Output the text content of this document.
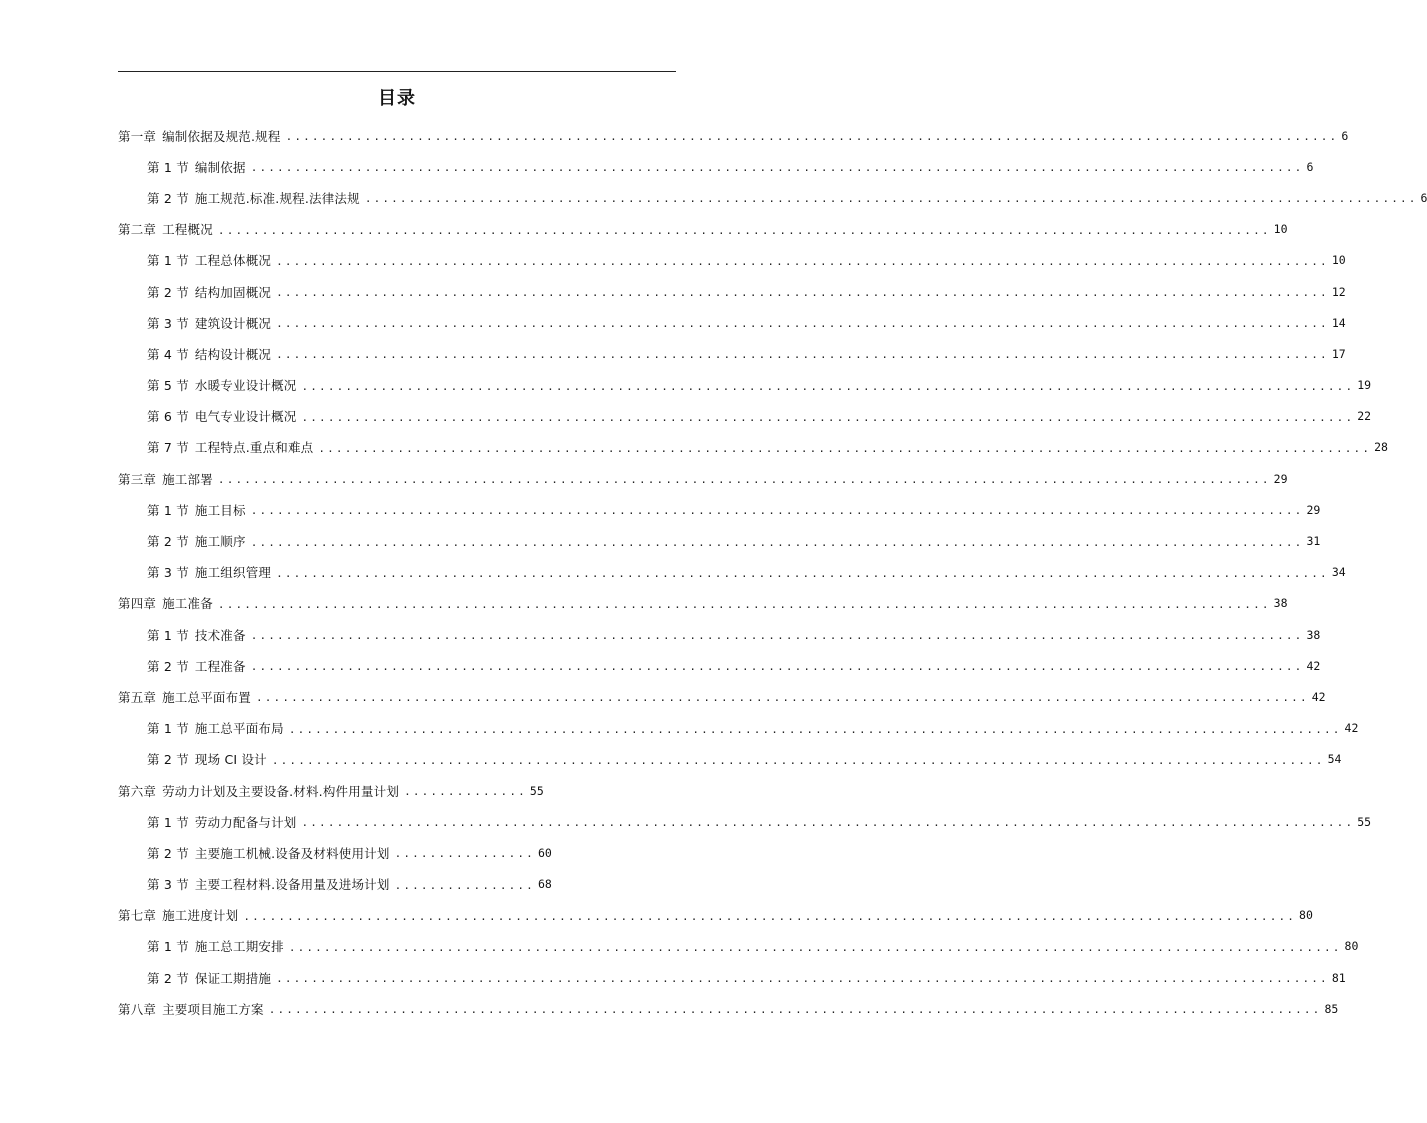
目录
第一章 编制依据及规范.规程 ........................................................................................................................ 6
第 1 节 编制依据 ........................................................................................................................ 6
第 2 节 施工规范.标准.规程.法律法规 ........................................................................................................................ 6
第二章 工程概况 ........................................................................................................................ 10
第 1 节 工程总体概况 ........................................................................................................................ 10
第 2 节 结构加固概况 ........................................................................................................................ 12
第 3 节 建筑设计概况 ........................................................................................................................ 14
第 4 节 结构设计概况 ........................................................................................................................ 17
第 5 节 水暖专业设计概况 ........................................................................................................................ 19
第 6 节 电气专业设计概况 ........................................................................................................................ 22
第 7 节 工程特点.重点和难点 ........................................................................................................................ 28
第三章 施工部署 ........................................................................................................................ 29
第 1 节 施工目标 ........................................................................................................................ 29
第 2 节 施工顺序 ........................................................................................................................ 31
第 3 节 施工组织管理 ........................................................................................................................ 34
第四章 施工准备 ........................................................................................................................ 38
第 1 节 技术准备 ........................................................................................................................ 38
第 2 节 工程准备 ........................................................................................................................ 42
第五章 施工总平面布置 ........................................................................................................................ 42
第 1 节 施工总平面布局 ........................................................................................................................ 42
第 2 节 现场 CI 设计 ........................................................................................................................ 54
第六章 劳动力计划及主要设备.材料.构件用量计划 .............. 55
第 1 节 劳动力配备与计划 ........................................................................................................................ 55
第 2 节 主要施工机械.设备及材料使用计划 ................ 60
第 3 节 主要工程材料.设备用量及进场计划 ................ 68
第七章 施工进度计划 ........................................................................................................................ 80
第 1 节 施工总工期安排 ........................................................................................................................ 80
第 2 节 保证工期措施 ........................................................................................................................ 81
第八章 主要项目施工方案 ........................................................................................................................ 85
